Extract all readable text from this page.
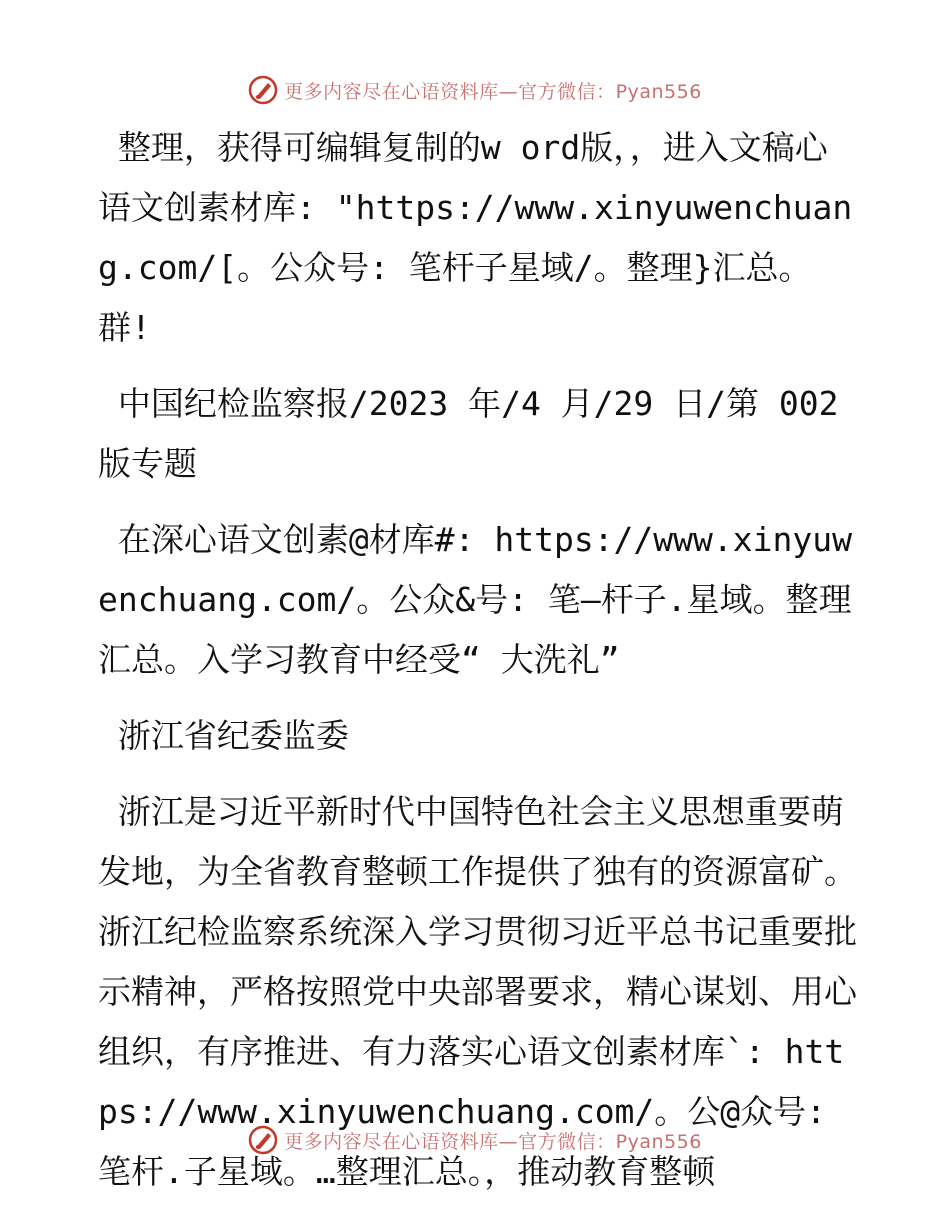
更多内容尽在心语资料库—官方微信：Pyan556

整理，获得可编辑复制的w ord版，，进入文稿心语文创素材库: "https://www.xinyuwenchuang.com/[。公众号: 笔杆子星域/。整理}汇总。群!

中国纪检监察报/2023 年/4 月/29 日/第 002 版专题

在深心语文创素@材库#: https://www.xinyuwenchuang.com/。公众&号: 笔—杆子.星域。整理汇总。入学习教育中经受“ 大洗礼”

浙江省纪委监委

浙江是习近平新时代中国特色社会主义思想重要萌发地，为全省教育整顿工作提供了独有的资源富矿。浙江纪检监察系统深入学习贯彻习近平总书记重要批示精神，严格按照党中央部署要求，精心谋划、用心组织，有序推进、有力落实心语文创素材库`: https://www.xinyuwenchuang.com/。公@众号: 笔杆.子星域。…整理汇总。，推动教育整顿

更多内容尽在心语资料库—官方微信：Pyan556
